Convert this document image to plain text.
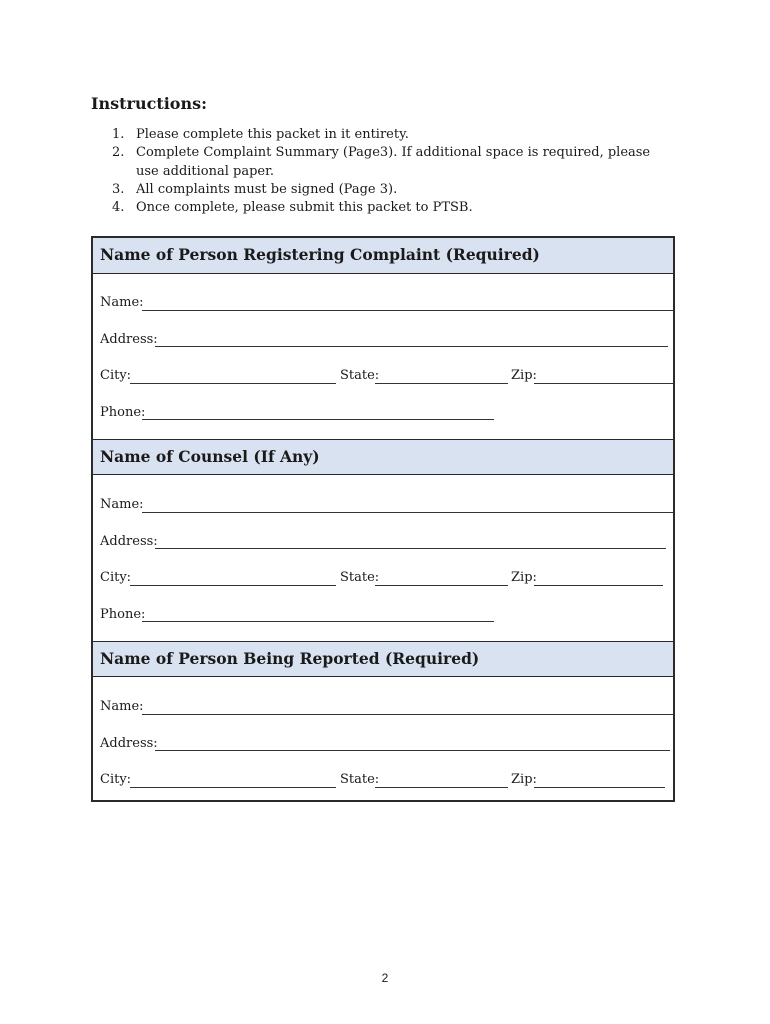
Instructions:
1. Please complete this packet in it entirety.
2. Complete Complaint Summary (Page3). If additional space is required, please use additional paper.
3. All complaints must be signed (Page 3).
4. Once complete, please submit this packet to PTSB.
Name of Person Registering Complaint (Required)
Name:
Address:
City:	State:	Zip:
Phone:
Name of Counsel (If Any)
Name:
Address:
City:	State:	Zip:
Phone:
Name of Person Being Reported (Required)
Name:
Address:
City:	State:	Zip:
2
